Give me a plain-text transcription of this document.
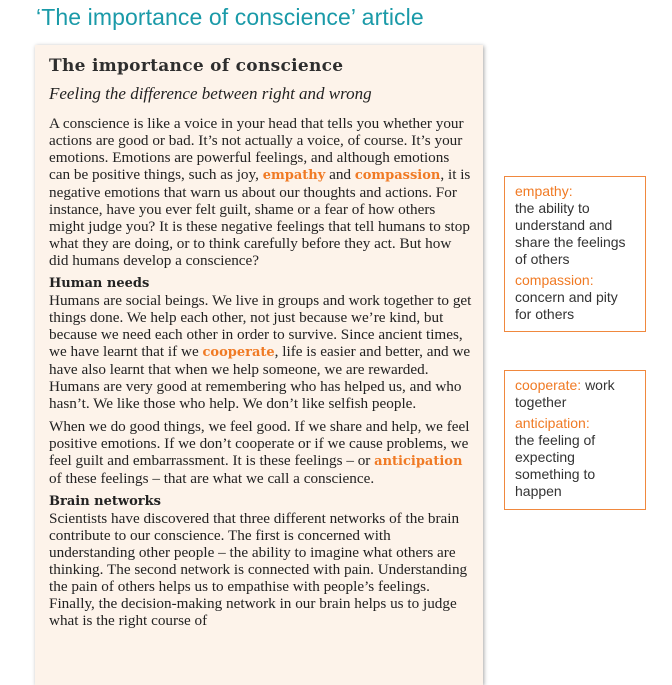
‘The importance of conscience’ article
The importance of conscience

Feeling the difference between right and wrong

A conscience is like a voice in your head that tells you whether your actions are good or bad. It’s not actually a voice, of course. It’s your emotions. Emotions are powerful feelings, and although emotions can be positive things, such as joy, empathy and compassion, it is negative emotions that warn us about our thoughts and actions. For instance, have you ever felt guilt, shame or a fear of how others might judge you? It is these negative feelings that tell humans to stop what they are doing, or to think carefully before they act. But how did humans develop a conscience?

Human needs

Humans are social beings. We live in groups and work together to get things done. We help each other, not just because we’re kind, but because we need each other in order to survive. Since ancient times, we have learnt that if we cooperate, life is easier and better, and we have also learnt that when we help someone, we are rewarded. Humans are very good at remembering who has helped us, and who hasn’t. We like those who help. We don’t like selfish people.

When we do good things, we feel good. If we share and help, we feel positive emotions. If we don’t cooperate or if we cause problems, we feel guilt and embarrassment. It is these feelings – or anticipation of these feelings – that are what we call a conscience.

Brain networks

Scientists have discovered that three different networks of the brain contribute to our conscience. The first is concerned with understanding other people – the ability to imagine what others are thinking. The second network is connected with pain. Understanding the pain of others helps us to empathise with people’s feelings. Finally, the decision-making network in our brain helps us to judge what is the right course of

empathy:
the ability to understand and share the feelings of others
compassion:
concern and pity for others
cooperate: work together
anticipation:
the feeling of expecting something to happen
